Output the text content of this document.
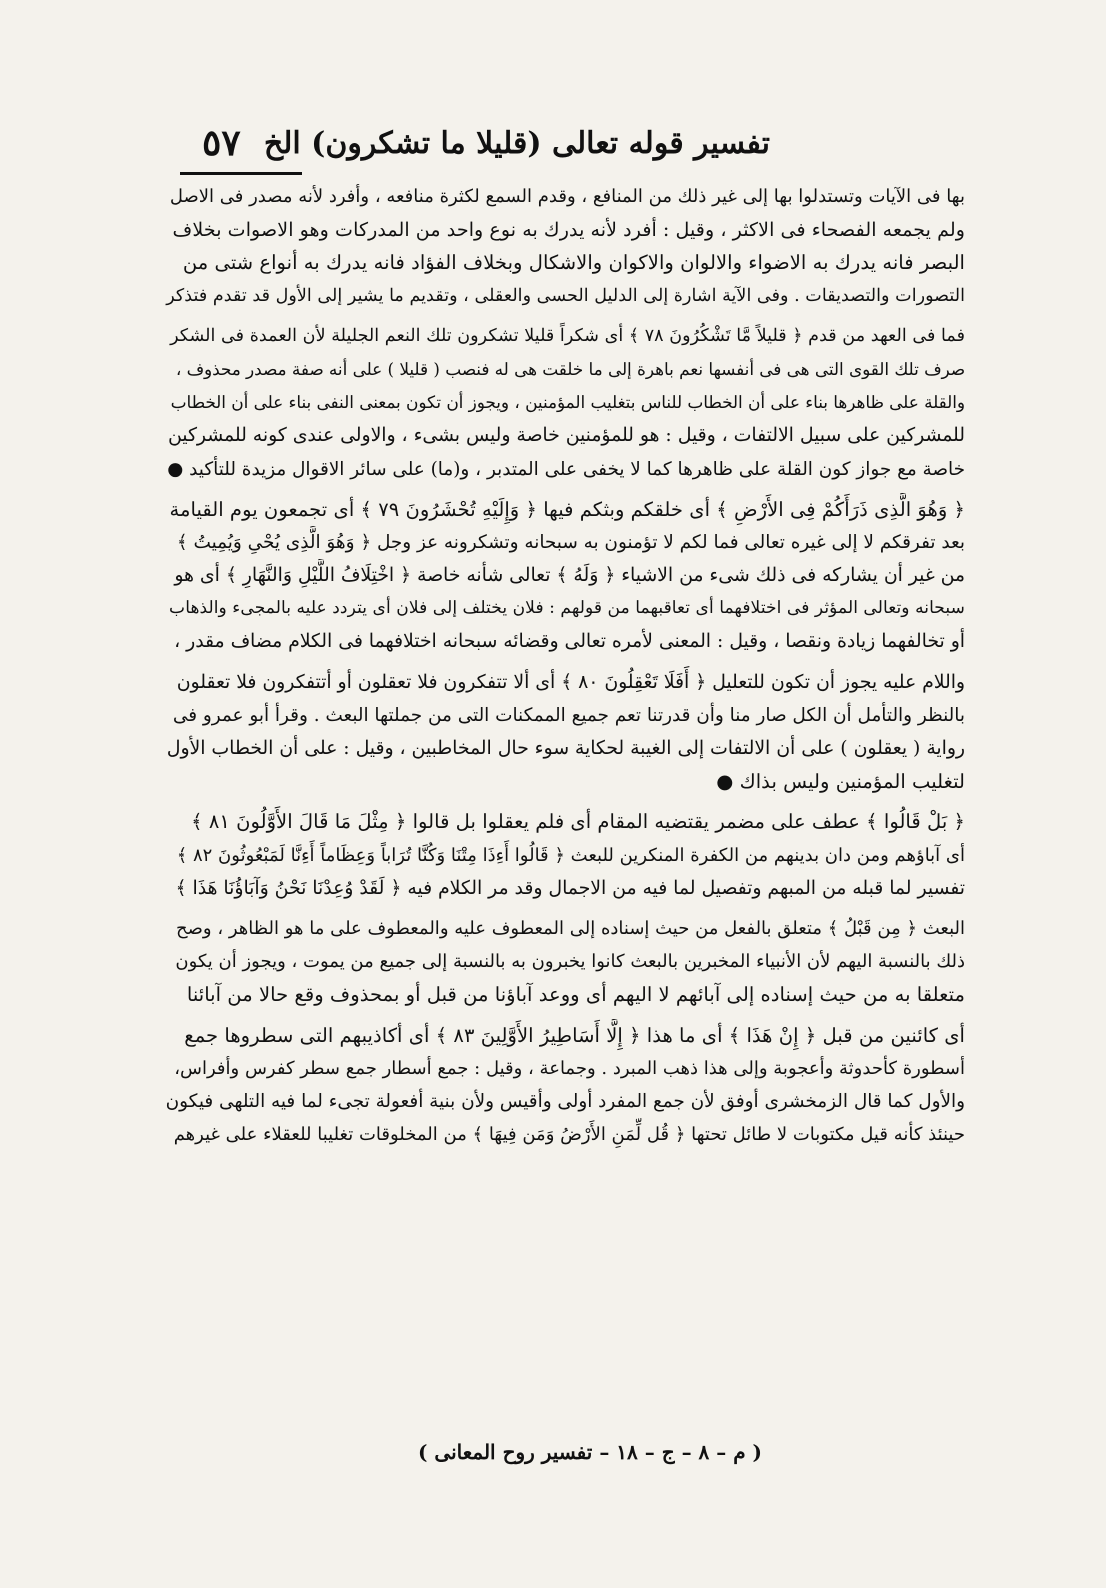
تفسير قوله تعالى (قليلا ما تشكرون) الخ
٥٧
بها فى الآيات وتستدلوا بها إلى غير ذلك من المنافع ، وقدم السمع لكثرة منافعه ، وأفرد لأنه مصدر فى الاصل
ولم يجمعه الفصحاء فى الاكثر ، وقيل : أفرد لأنه يدرك به نوع واحد من المدركات وهو الاصوات بخلاف
البصر فانه يدرك به الاضواء والالوان والاكوان والاشكال وبخلاف الفؤاد فانه يدرك به أنواع شتى من
التصورات والتصديقات . وفى الآية اشارة إلى الدليل الحسى والعقلى ، وتقديم ما يشير إلى الأول قد تقدم فتذكر
فما فى العهد من قدم ﴿ قليلاً مَّا تَشْكُرُونَ ٧٨ ﴾ أى شكراً قليلا تشكرون تلك النعم الجليلة لأن العمدة فى الشكر
صرف تلك القوى التى هى فى أنفسها نعم باهرة إلى ما خلقت هى له فنصب ( قليلا ) على أنه صفة مصدر محذوف ،
والقلة على ظاهرها بناء على أن الخطاب للناس بتغليب المؤمنين ، ويجوز أن تكون بمعنى النفى بناء على أن الخطاب
للمشركين على سبيل الالتفات ، وقيل : هو للمؤمنين خاصة وليس بشىء ، والاولى عندى كونه للمشركين
خاصة مع جواز كون القلة على ظاهرها كما لا يخفى على المتدبر ، و(ما) على سائر الاقوال مزيدة للتأكيد ●
﴿ وَهُوَ الَّذِى ذَرَأَكُمْ فِى الأَرْضِ ﴾ أى خلقكم وبثكم فيها ﴿ وَإِلَيْهِ تُحْشَرُونَ ٧٩ ﴾ أى تجمعون يوم القيامة
بعد تفرقكم لا إلى غيره تعالى فما لكم لا تؤمنون به سبحانه وتشكرونه عز وجل ﴿ وَهُوَ الَّذِى يُحْىِ وَيُمِيتُ ﴾
من غير أن يشاركه فى ذلك شىء من الاشياء ﴿ وَلَهُ ﴾ تعالى شأنه خاصة ﴿ اخْتِلَافُ اللَّيْلِ وَالنَّهَارِ ﴾ أى هو
سبحانه وتعالى المؤثر فى اختلافهما أى تعاقبهما من قولهم : فلان يختلف إلى فلان أى يتردد عليه بالمجىء والذهاب
أو تخالفهما زيادة ونقصا ، وقيل : المعنى لأمره تعالى وقضائه سبحانه اختلافهما فى الكلام مضاف مقدر ،
واللام عليه يجوز أن تكون للتعليل ﴿ أَفَلَا تَعْقِلُونَ ٨٠ ﴾ أى ألا تتفكرون فلا تعقلون أو أتتفكرون فلا تعقلون
بالنظر والتأمل أن الكل صار منا وأن قدرتنا تعم جميع الممكنات التى من جملتها البعث . وقرأ أبو عمرو فى
رواية ( يعقلون ) على أن الالتفات إلى الغيبة لحكاية سوء حال المخاطبين ، وقيل : على أن الخطاب الأول
لتغليب المؤمنين وليس بذاك ●
﴿ بَلْ قَالُوا ﴾ عطف على مضمر يقتضيه المقام أى فلم يعقلوا بل قالوا ﴿ مِثْلَ مَا قَالَ الأَوَّلُونَ ٨١ ﴾
أى آباؤهم ومن دان بدينهم من الكفرة المنكرين للبعث ﴿ قَالُوا أَءِذَا مِتْنَا وَكُنَّا تُرَاباً وَعِظَاماً أَءِنَّا لَمَبْعُوثُونَ ٨٢ ﴾
تفسير لما قبله من المبهم وتفصيل لما فيه من الاجمال وقد مر الكلام فيه ﴿ لَقَدْ وُعِدْنَا نَحْنُ وَآبَاؤُنَا هَذَا ﴾
البعث ﴿ مِن قَبْلُ ﴾ متعلق بالفعل من حيث إسناده إلى المعطوف عليه والمعطوف على ما هو الظاهر ، وصح
ذلك بالنسبة اليهم لأن الأنبياء المخبرين بالبعث كانوا يخبرون به بالنسبة إلى جميع من يموت ، ويجوز أن يكون
متعلقا به من حيث إسناده إلى آبائهم لا اليهم أى ووعد آباؤنا من قبل أو بمحذوف وقع حالا من آبائنا
أى كائنين من قبل ﴿ إِنْ هَذَا ﴾ أى ما هذا ﴿ إِلَّا أَسَاطِيرُ الأَوَّلِينَ ٨٣ ﴾ أى أكاذيبهم التى سطروها جمع
أسطورة كأحدوثة وأعجوبة وإلى هذا ذهب المبرد . وجماعة ، وقيل : جمع أسطار جمع سطر كفرس وأفراس،
والأول كما قال الزمخشرى أوفق لأن جمع المفرد أولى وأقيس ولأن بنية أفعولة تجىء لما فيه التلهى فيكون
حينئذ كأنه قيل مكتوبات لا طائل تحتها ﴿ قُل لِّمَنِ الأَرْضُ وَمَن فِيهَا ﴾ من المخلوقات تغليبا للعقلاء على غيرهم
( م – ٨ – ج – ١٨ – تفسير روح المعانى )
